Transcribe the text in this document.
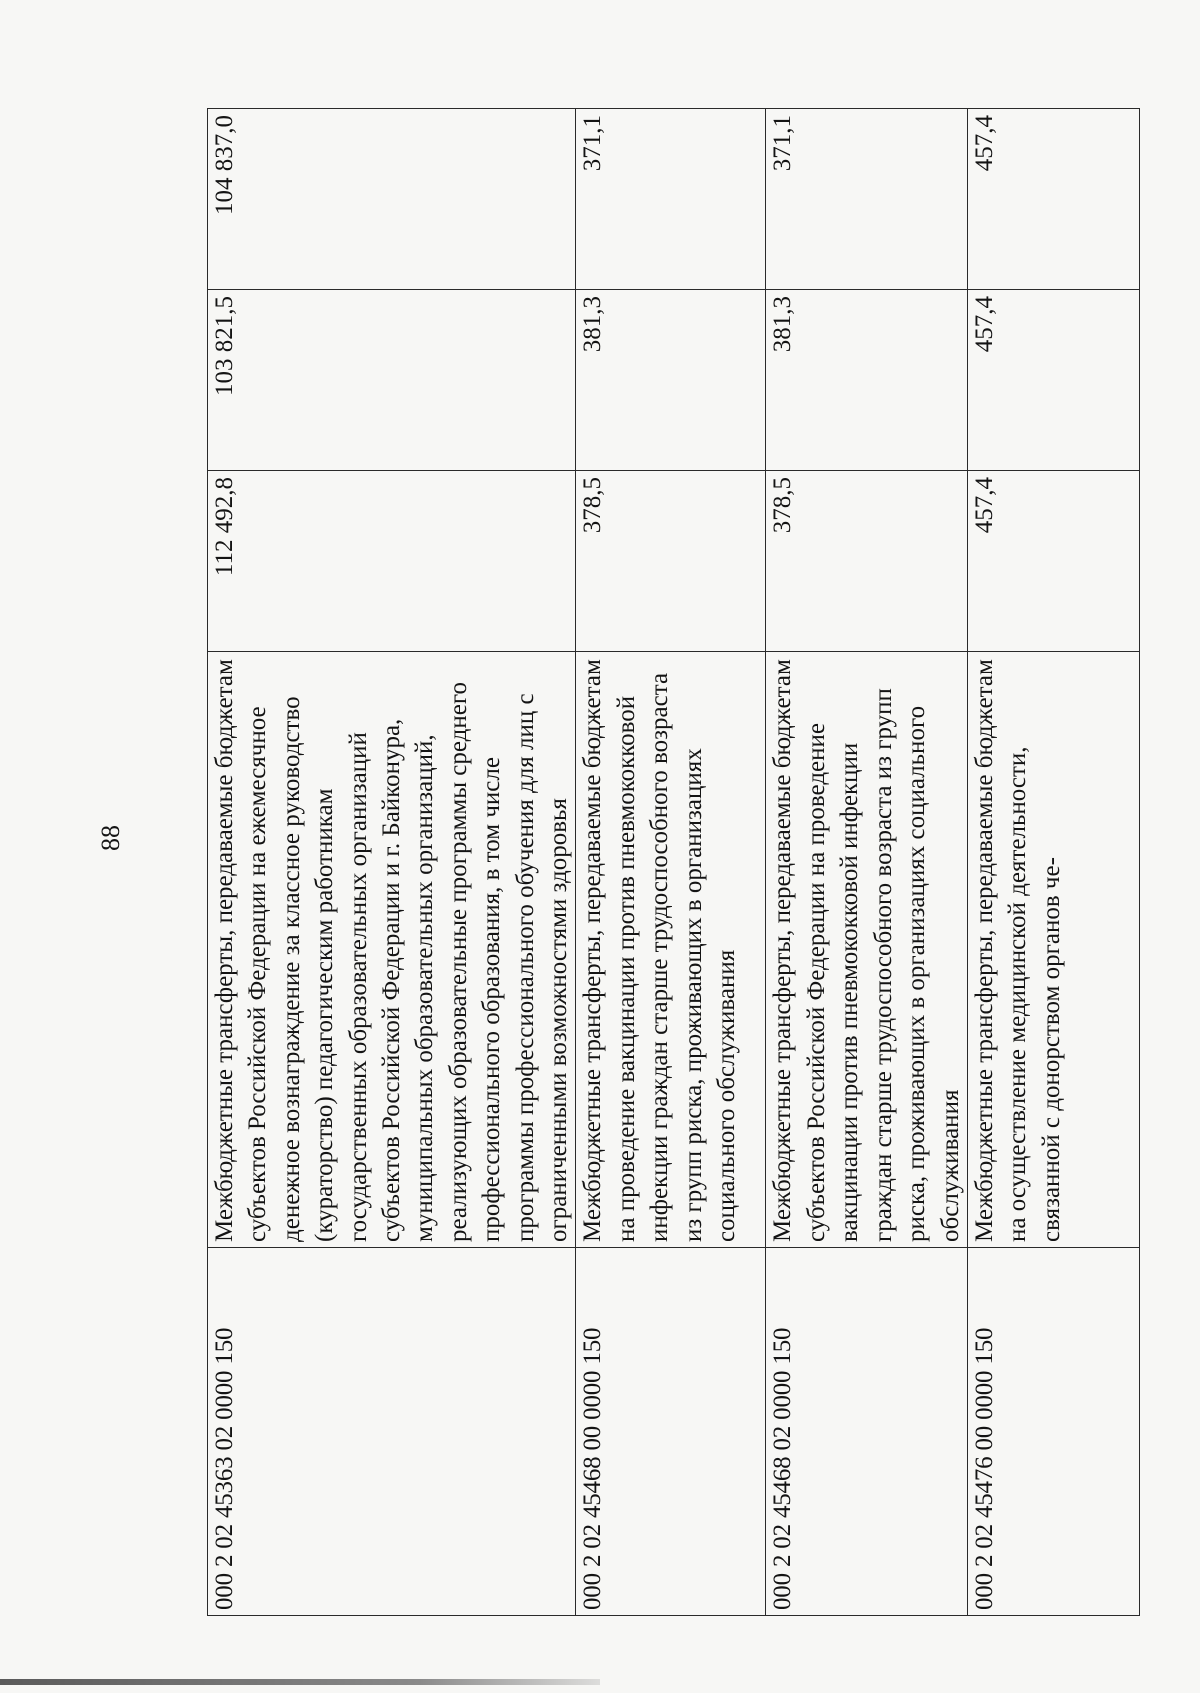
88
000 2 02 45363 02 0000 150	Межбюджетные трансферты, передаваемые бюджетам субъектов Российской Федерации на ежемесячное денежное вознаграждение за классное руководство (кураторство) педагогическим работникам государственных образовательных организаций субъектов Российской Федерации и г. Байконура, муниципальных образовательных организаций, реализующих образовательные программы среднего профессионального образования, в том числе программы профессионального обучения для лиц с ограниченными возможностями здоровья	112 492,8	103 821,5	104 837,0
000 2 02 45468 00 0000 150	Межбюджетные трансферты, передаваемые бюджетам на проведение вакцинации против пневмококковой инфекции граждан старше трудоспособного возраста из групп риска, проживающих в организациях социального обслуживания	378,5	381,3	371,1
000 2 02 45468 02 0000 150	Межбюджетные трансферты, передаваемые бюджетам субъектов Российской Федерации на проведение вакцинации против пневмококковой инфекции граждан старше трудоспособного возраста из групп риска, проживающих в организациях социального обслуживания	378,5	381,3	371,1
000 2 02 45476 00 0000 150	Межбюджетные трансферты, передаваемые бюджетам на осуществление медицинской деятельности, связанной с донорством органов че-	457,4	457,4	457,4
